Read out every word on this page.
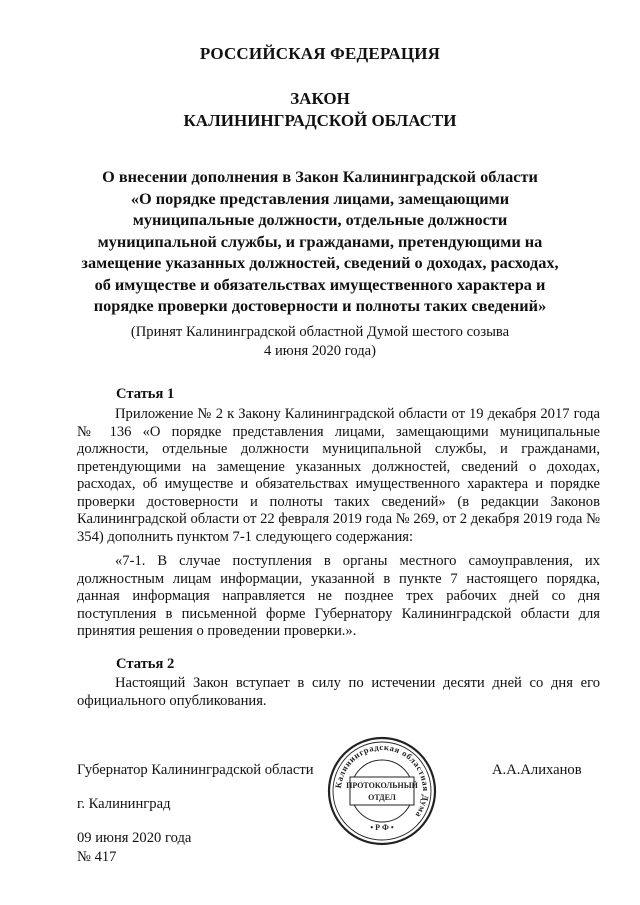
РОССИЙСКАЯ ФЕДЕРАЦИЯ
ЗАКОН
КАЛИНИНГРАДСКОЙ ОБЛАСТИ
О внесении дополнения в Закон Калининградской области
«О порядке представления лицами, замещающими
муниципальные должности, отдельные должности
муниципальной службы, и гражданами, претендующими на
замещение указанных должностей, сведений о доходах, расходах,
об имуществе и обязательствах имущественного характера и
порядке проверки достоверности и полноты таких сведений»
(Принят Калининградской областной Думой шестого созыва
4 июня 2020 года)
Статья 1

Приложение № 2 к Закону Калининградской области от 19 декабря 2017 года № 136 «О порядке представления лицами, замещающими муниципальные должности, отдельные должности муниципальной службы, и гражданами, претендующими на замещение указанных должностей, сведений о доходах, расходах, об имуществе и обязательствах имущественного характера и порядке проверки достоверности и полноты таких сведений» (в редакции Законов Калининградской области от 22 февраля 2019 года № 269, от 2 декабря 2019 года № 354) дополнить пунктом 7-1 следующего содержания:

«7-1. В случае поступления в органы местного самоуправления, их должностным лицам информации, указанной в пункте 7 настоящего порядка, данная информация направляется не позднее трех рабочих дней со дня поступления в письменной форме Губернатору Калининградской области для принятия решения о проведении проверки.».

Статья 2

Настоящий Закон вступает в силу по истечении десяти дней со дня его официального опубликования.

Губернатор Калининградской области	А.А.Алиханов
г. Калининград
09 июня 2020 года
№ 417
Калининградская областная Дума
ПРОТОКОЛЬНЫЙ
ОТДЕЛ
• Р Ф •
